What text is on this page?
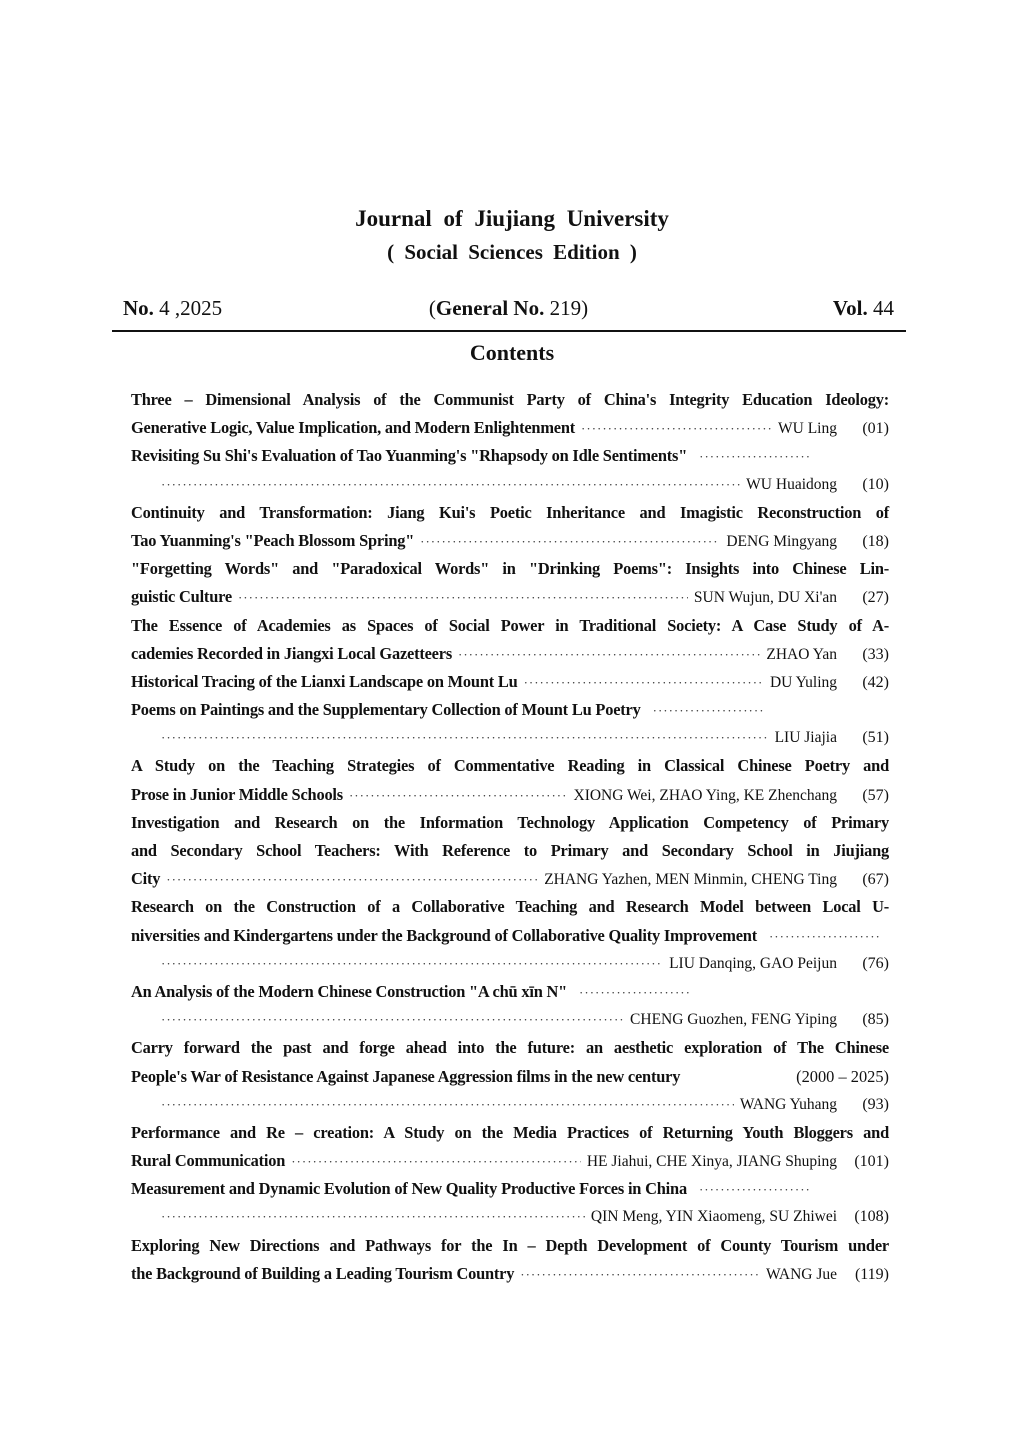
Journal of Jiujiang University
( Social Sciences Edition )
No. 4 ,2025	(General No. 219)	Vol. 44
Contents
Three – Dimensional Analysis of the Communist Party of China's Integrity Education Ideology:
Generative Logic, Value Implication, and Modern Enlightenment ·····	WU Ling	(01)
Revisiting Su Shi's Evaluation of Tao Yuanming's "Rhapsody on Idle Sentiments"
·····
·····
WU Huaidong	(10)
Continuity and Transformation: Jiang Kui's Poetic Inheritance and Imagistic Reconstruction of
Tao Yuanming's "Peach Blossom Spring" ·····	DENG Mingyang	(18)
"Forgetting Words" and "Paradoxical Words" in "Drinking Poems": Insights into Chinese Lin-
guistic Culture ·····	SUN Wujun, DU Xi'an	(27)
The Essence of Academies as Spaces of Social Power in Traditional Society: A Case Study of A-
cademies Recorded in Jiangxi Local Gazetteers ·····	ZHAO Yan	(33)
Historical Tracing of the Lianxi Landscape on Mount Lu ·····	DU Yuling	(42)
Poems on Paintings and the Supplementary Collection of Mount Lu Poetry
·····
·····
LIU Jiajia	(51)
A Study on the Teaching Strategies of Commentative Reading in Classical Chinese Poetry and
Prose in Junior Middle Schools ·····	XIONG Wei, ZHAO Ying, KE Zhenchang	(57)
Investigation and Research on the Information Technology Application Competency of Primary
and Secondary School Teachers: With Reference to Primary and Secondary School in Jiujiang
City ·····	ZHANG Yazhen, MEN Minmin, CHENG Ting	(67)
Research on the Construction of a Collaborative Teaching and Research Model between Local U-
niversities and Kindergartens under the Background of Collaborative Quality Improvement
·····
·····
LIU Danqing, GAO Peijun	(76)
An Analysis of the Modern Chinese Construction "A chū xīn N"
·····
·····
CHENG Guozhen, FENG Yiping	(85)
Carry forward the past and forge ahead into the future: an aesthetic exploration of The Chinese
People's War of Resistance Against Japanese Aggression films in the new century	(2000 – 2025)
·····
WANG Yuhang	(93)
Performance and Re – creation: A Study on the Media Practices of Returning Youth Bloggers and
Rural Communication ·····	HE Jiahui, CHE Xinya, JIANG Shuping	(101)
Measurement and Dynamic Evolution of New Quality Productive Forces in China
·····
·····
QIN Meng, YIN Xiaomeng, SU Zhiwei	(108)
Exploring New Directions and Pathways for the In – Depth Development of County Tourism under
the Background of Building a Leading Tourism Country ·····	WANG Jue	(119)
